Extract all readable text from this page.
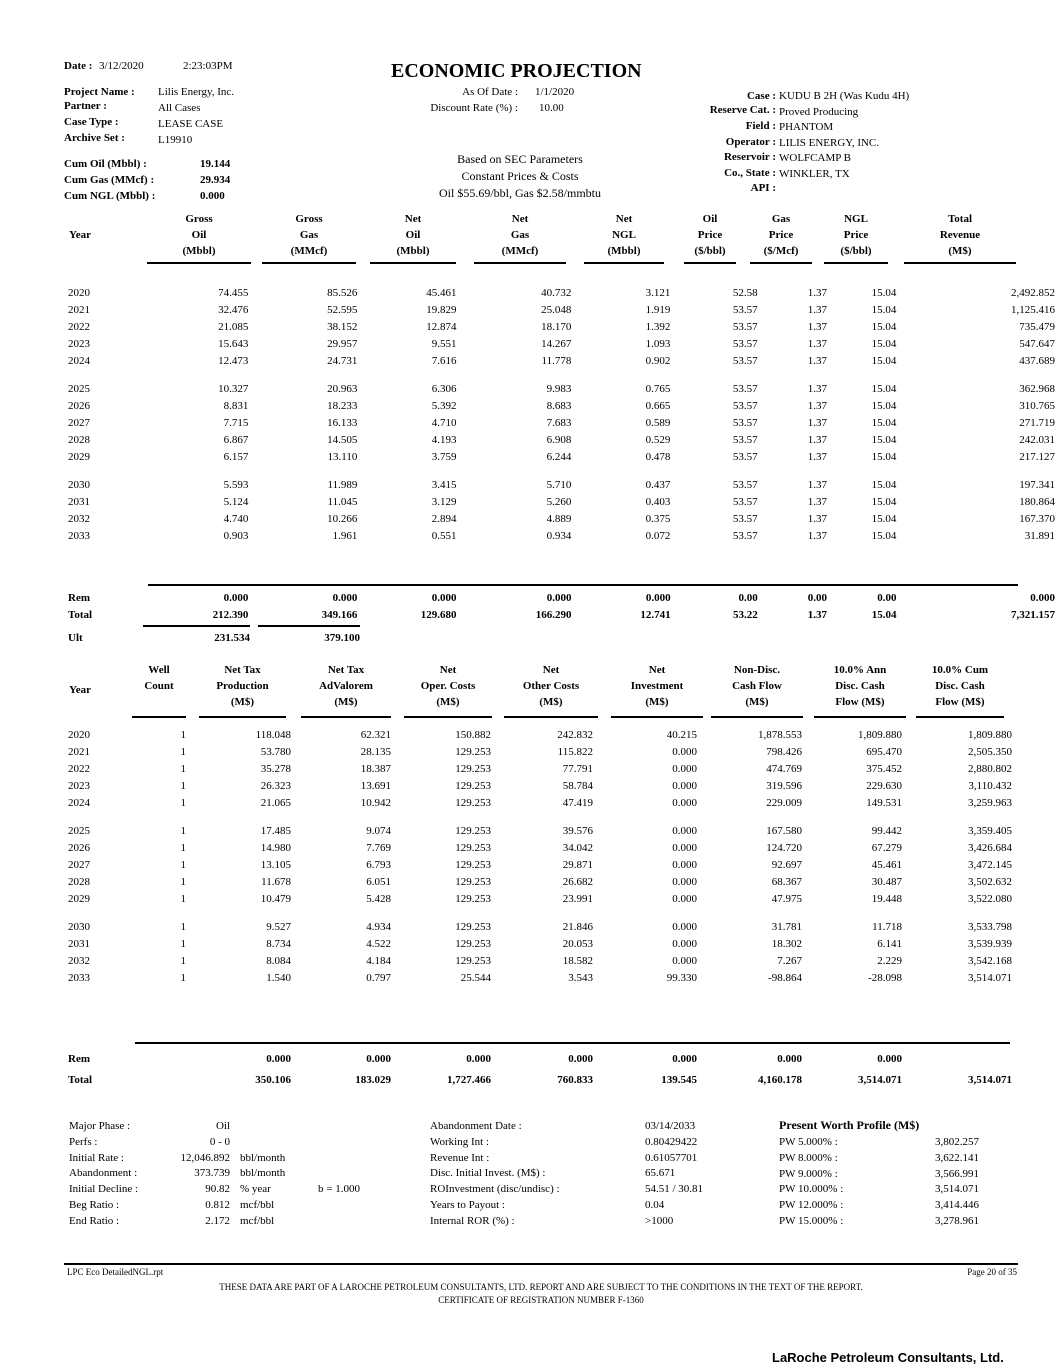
Date : 3/12/2020	2:23:03PM	ECONOMIC PROJECTION
Project Name : Lilis Energy, Inc.
Partner :	All Cases
Case Type :	LEASE CASE
Archive Set :	L19910
As Of Date : 1/1/2020
Discount Rate (%) : 10.00
Case : KUDU B 2H (Was Kudu 4H)
Reserve Cat. : Proved Producing
Field : PHANTOM
Operator : LILIS ENERGY, INC.
Reservoir : WOLFCAMP B
Co., State : WINKLER, TX
API :
Cum Oil (Mbbl) :	19.144
Cum Gas (MMcf) :	29.934
Cum NGL (Mbbl) :	0.000
Based on SEC Parameters
Constant Prices & Costs
Oil $55.69/bbl, Gas $2.58/mmbtu
Year
Gross
Oil
(Mbbl)
Gross
Gas
(MMcf)
Net
Oil
(Mbbl)
Net
Gas
(MMcf)
Net
NGL
(Mbbl)
Oil
Price
($/bbl)
Gas
Price
($/Mcf)
NGL
Price
($/bbl)
Total
Revenue
(M$)
2020	74.455	85.526	45.461	40.732	3.121	52.58	1.37	15.04	2,492.852
2021	32.476	52.595	19.829	25.048	1.919	53.57	1.37	15.04	1,125.416
2022	21.085	38.152	12.874	18.170	1.392	53.57	1.37	15.04	735.479
2023	15.643	29.957	9.551	14.267	1.093	53.57	1.37	15.04	547.647
2024	12.473	24.731	7.616	11.778	0.902	53.57	1.37	15.04	437.689

2025	10.327	20.963	6.306	9.983	0.765	53.57	1.37	15.04	362.968
2026	8.831	18.233	5.392	8.683	0.665	53.57	1.37	15.04	310.765
2027	7.715	16.133	4.710	7.683	0.589	53.57	1.37	15.04	271.719
2028	6.867	14.505	4.193	6.908	0.529	53.57	1.37	15.04	242.031
2029	6.157	13.110	3.759	6.244	0.478	53.57	1.37	15.04	217.127

2030	5.593	11.989	3.415	5.710	0.437	53.57	1.37	15.04	197.341
2031	5.124	11.045	3.129	5.260	0.403	53.57	1.37	15.04	180.864
2032	4.740	10.266	2.894	4.889	0.375	53.57	1.37	15.04	167.370
2033	0.903	1.961	0.551	0.934	0.072	53.57	1.37	15.04	31.891
Rem	0.000	0.000	0.000	0.000	0.000	0.00	0.00	0.00	0.000
Total	212.390	349.166	129.680	166.290	12.741	53.22	1.37	15.04	7,321.157
Ult	231.534	379.100
Year
Well
Count
Net Tax
Production
(M$)
Net Tax
AdValorem
(M$)
Net
Oper. Costs
(M$)
Net
Other Costs
(M$)
Net
Investment
(M$)
Non-Disc.
Cash Flow
(M$)
10.0% Ann
Disc. Cash
Flow (M$)
10.0% Cum
Disc. Cash
Flow (M$)
2020	1	118.048	62.321	150.882	242.832	40.215	1,878.553	1,809.880	1,809.880
2021	1	53.780	28.135	129.253	115.822	0.000	798.426	695.470	2,505.350
2022	1	35.278	18.387	129.253	77.791	0.000	474.769	375.452	2,880.802
2023	1	26.323	13.691	129.253	58.784	0.000	319.596	229.630	3,110.432
2024	1	21.065	10.942	129.253	47.419	0.000	229.009	149.531	3,259.963

2025	1	17.485	9.074	129.253	39.576	0.000	167.580	99.442	3,359.405
2026	1	14.980	7.769	129.253	34.042	0.000	124.720	67.279	3,426.684
2027	1	13.105	6.793	129.253	29.871	0.000	92.697	45.461	3,472.145
2028	1	11.678	6.051	129.253	26.682	0.000	68.367	30.487	3,502.632
2029	1	10.479	5.428	129.253	23.991	0.000	47.975	19.448	3,522.080

2030	1	9.527	4.934	129.253	21.846	0.000	31.781	11.718	3,533.798
2031	1	8.734	4.522	129.253	20.053	0.000	18.302	6.141	3,539.939
2032	1	8.084	4.184	129.253	18.582	0.000	7.267	2.229	3,542.168
2033	1	1.540	0.797	25.544	3.543	99.330	-98.864	-28.098	3,514.071
Rem		0.000	0.000	0.000	0.000	0.000	0.000	0.000	
Total		350.106	183.029	1,727.466	760.833	139.545	4,160.178	3,514.071	3,514.071
Major Phase :	Oil
Perfs :	0 - 0
Initial Rate :	12,046.892 bbl/month
Abandonment :	373.739 bbl/month
Initial Decline :	90.82 % year	b = 1.000
Beg Ratio :	0.812 mcf/bbl
End Ratio :	2.172 mcf/bbl
Abandonment Date :	03/14/2033
Working Int :	0.80429422
Revenue Int :	0.61057701
Disc. Initial Invest. (M$) :	65.671
ROInvestment (disc/undisc) :	54.51 / 30.81
Years to Payout :	0.04
Internal ROR (%) :	>1000
Present Worth Profile (M$)
PW 5.000% :	3,802.257
PW 8.000% :	3,622.141
PW 9.000% :	3,566.991
PW 10.000% :	3,514.071
PW 12.000% :	3,414.446
PW 15.000% :	3,278.961
LPC Eco DetailedNGL.rpt	Page 20 of 35
THESE DATA ARE PART OF A LAROCHE PETROLEUM CONSULTANTS, LTD. REPORT AND ARE SUBJECT TO THE CONDITIONS IN THE TEXT OF THE REPORT.
CERTIFICATE OF REGISTRATION NUMBER F-1360
LaRoche Petroleum Consultants, Ltd.
